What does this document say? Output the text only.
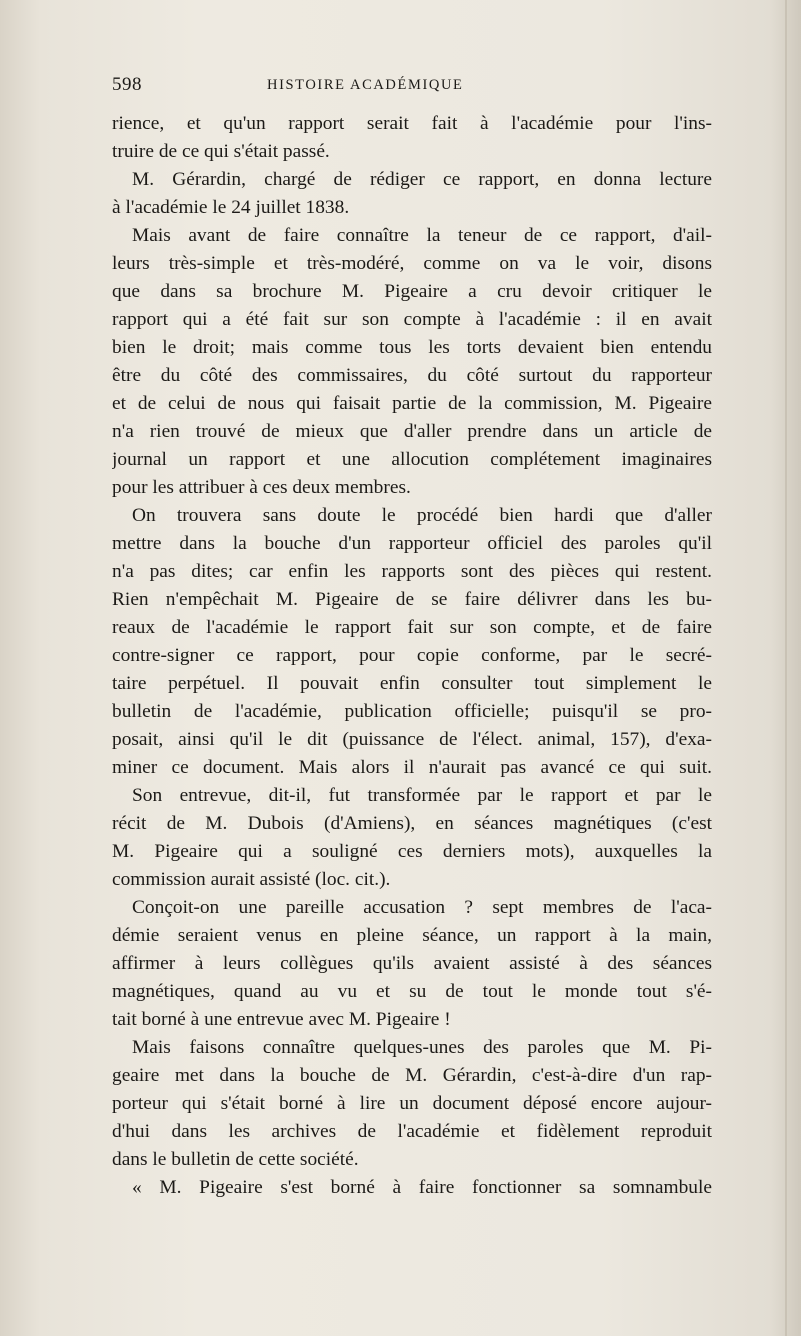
598	HISTOIRE ACADÉMIQUE
rience, et qu'un rapport serait fait à l'académie pour l'ins-
truire de ce qui s'était passé.
M. Gérardin, chargé de rédiger ce rapport, en donna lecture
à l'académie le 24 juillet 1838.
Mais avant de faire connaître la teneur de ce rapport, d'ail-
leurs très-simple et très-modéré, comme on va le voir, disons
que dans sa brochure M. Pigeaire a cru devoir critiquer le
rapport qui a été fait sur son compte à l'académie : il en avait
bien le droit; mais comme tous les torts devaient bien entendu
être du côté des commissaires, du côté surtout du rapporteur
et de celui de nous qui faisait partie de la commission, M. Pigeaire
n'a rien trouvé de mieux que d'aller prendre dans un article de
journal un rapport et une allocution complétement imaginaires
pour les attribuer à ces deux membres.
On trouvera sans doute le procédé bien hardi que d'aller
mettre dans la bouche d'un rapporteur officiel des paroles qu'il
n'a pas dites; car enfin les rapports sont des pièces qui restent.
Rien n'empêchait M. Pigeaire de se faire délivrer dans les bu-
reaux de l'académie le rapport fait sur son compte, et de faire
contre-signer ce rapport, pour copie conforme, par le secré-
taire perpétuel. Il pouvait enfin consulter tout simplement le
bulletin de l'académie, publication officielle; puisqu'il se pro-
posait, ainsi qu'il le dit (puissance de l'élect. animal, 157), d'exa-
miner ce document. Mais alors il n'aurait pas avancé ce qui suit.
Son entrevue, dit-il, fut transformée par le rapport et par le
récit de M. Dubois (d'Amiens), en séances magnétiques (c'est
M. Pigeaire qui a souligné ces derniers mots), auxquelles la
commission aurait assisté (loc. cit.).
Conçoit-on une pareille accusation ? sept membres de l'aca-
démie seraient venus en pleine séance, un rapport à la main,
affirmer à leurs collègues qu'ils avaient assisté à des séances
magnétiques, quand au vu et su de tout le monde tout s'é-
tait borné à une entrevue avec M. Pigeaire !
Mais faisons connaître quelques-unes des paroles que M. Pi-
geaire met dans la bouche de M. Gérardin, c'est-à-dire d'un rap-
porteur qui s'était borné à lire un document déposé encore aujour-
d'hui dans les archives de l'académie et fidèlement reproduit
dans le bulletin de cette société.
« M. Pigeaire s'est borné à faire fonctionner sa somnambule
